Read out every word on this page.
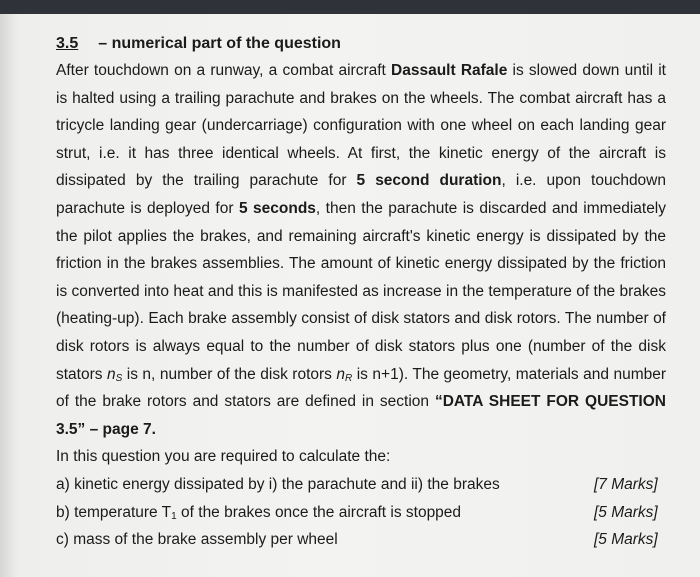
3.5 – numerical part of the question

After touchdown on a runway, a combat aircraft Dassault Rafale is slowed down until it is halted using a trailing parachute and brakes on the wheels. The combat aircraft has a tricycle landing gear (undercarriage) configuration with one wheel on each landing gear strut, i.e. it has three identical wheels. At first, the kinetic energy of the aircraft is dissipated by the trailing parachute for 5 second duration, i.e. upon touchdown parachute is deployed for 5 seconds, then the parachute is discarded and immediately the pilot applies the brakes, and remaining aircraft's kinetic energy is dissipated by the friction in the brakes assemblies. The amount of kinetic energy dissipated by the friction is converted into heat and this is manifested as increase in the temperature of the brakes (heating-up). Each brake assembly consist of disk stators and disk rotors. The number of disk rotors is always equal to the number of disk stators plus one (number of the disk stators $n_S$ is n, number of the disk rotors $n_R$ is n+1). The geometry, materials and number of the brake rotors and stators are defined in section “DATA SHEET FOR QUESTION 3.5” – page 7.

In this question you are required to calculate the:

a) kinetic energy dissipated by i) the parachute and ii) the brakes	[7 Marks]
b) temperature $T_1$ of the brakes once the aircraft is stopped	[5 Marks]
c) mass of the brake assembly per wheel	[5 Marks]
